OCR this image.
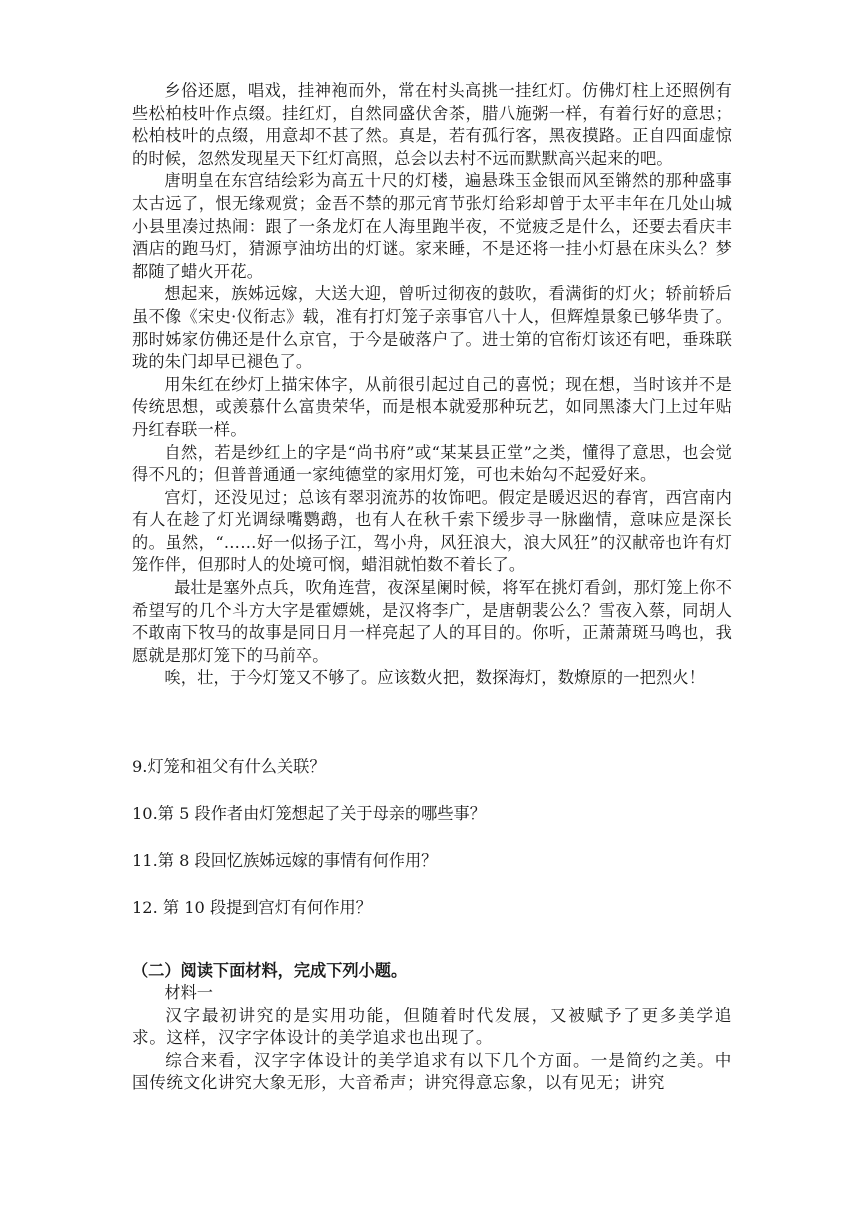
乡俗还愿，唱戏，挂神袍而外，常在村头高挑一挂红灯。仿佛灯柱上还照例有些松柏枝叶作点缀。挂红灯，自然同盛伏舍茶，腊八施粥一样，有着行好的意思；松柏枝叶的点缀，用意却不甚了然。真是，若有孤行客，黑夜摸路。正自四面虚惊的时候，忽然发现星天下红灯高照，总会以去村不远而默默高兴起来的吧。

唐明皇在东宫结绘彩为高五十尺的灯楼，遍悬珠玉金银而风至锵然的那种盛事太古远了，恨无缘观赏；金吾不禁的那元宵节张灯给彩却曾于太平丰年在几处山城小县里凑过热闹：跟了一条龙灯在人海里跑半夜，不觉疲乏是什么，还要去看庆丰酒店的跑马灯，猜源亨油坊出的灯谜。家来睡，不是还将一挂小灯悬在床头么？梦都随了蜡火开花。

想起来，族姊远嫁，大送大迎，曾听过彻夜的鼓吹，看满街的灯火；轿前轿后虽不像《宋史·仪衔志》载，准有打灯笼子亲事官八十人，但辉煌景象已够华贵了。那时姊家仿佛还是什么京官，于今是破落户了。进士第的官衔灯该还有吧，垂珠联珑的朱门却早已褪色了。

用朱红在纱灯上描宋体字，从前很引起过自己的喜悦；现在想，当时该并不是传统思想，或羡慕什么富贵荣华，而是根本就爱那种玩艺，如同黑漆大门上过年贴丹红春联一样。

自然，若是纱红上的字是“尚书府”或“某某县正堂”之类，懂得了意思，也会觉得不凡的；但普普通通一家纯德堂的家用灯笼，可也未始勾不起爱好来。

宫灯，还没见过；总该有翠羽流苏的妆饰吧。假定是暖迟迟的春宵，西宫南内有人在趁了灯光调绿嘴鹦鹉，也有人在秋千索下缓步寻一脉幽情，意味应是深长的。虽然，“……好一似扬子江，驾小舟，风狂浪大，浪大风狂”的汉献帝也许有灯笼作伴，但那时人的处境可悯，蜡泪就怕数不着长了。

最壮是塞外点兵，吹角连营，夜深星阑时候，将军在挑灯看剑，那灯笼上你不希望写的几个斗方大字是霍嫖姚，是汉将李广，是唐朝裴公么？雪夜入蔡，同胡人不敢南下牧马的故事是同日月一样亮起了人的耳目的。你听，正萧萧斑马鸣也，我愿就是那灯笼下的马前卒。

唉，壮，于今灯笼又不够了。应该数火把，数探海灯，数燎原的一把烈火！

9.灯笼和祖父有什么关联？

10.第 5 段作者由灯笼想起了关于母亲的哪些事？

11.第 8 段回忆族姊远嫁的事情有何作用？

12. 第 10 段提到宫灯有何作用？

（二）阅读下面材料，完成下列小题。

材料一

汉字最初讲究的是实用功能，但随着时代发展，又被赋予了更多美学追求。这样，汉字字体设计的美学追求也出现了。

综合来看，汉字字体设计的美学追求有以下几个方面。一是简约之美。中国传统文化讲究大象无形，大音希声；讲究得意忘象，以有见无；讲究
